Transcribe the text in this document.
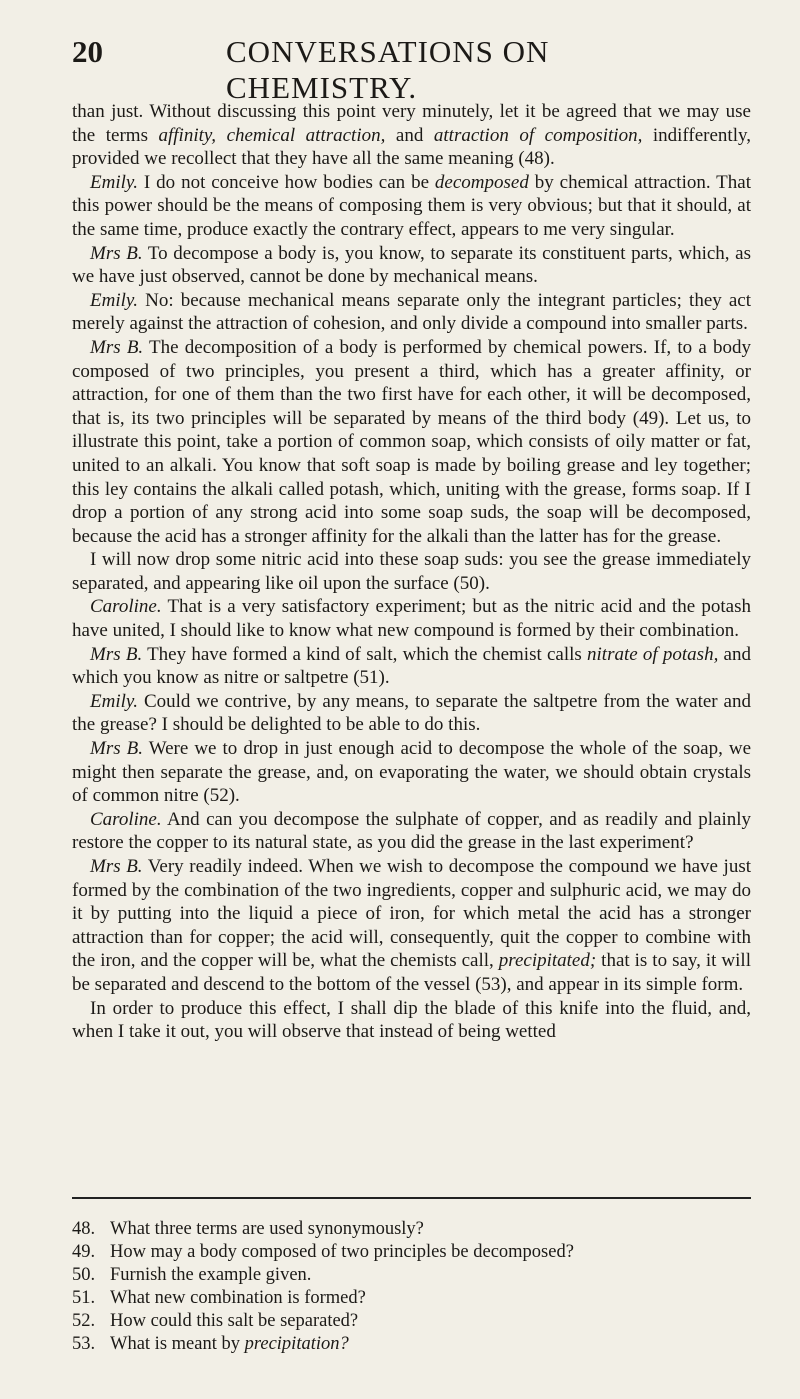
20	CONVERSATIONS ON CHEMISTRY.

than just. Without discussing this point very minutely, let it be agreed that we may use the terms affinity, chemical attraction, and attraction of composition, indifferently, provided we recollect that they have all the same meaning (48).

Emily. I do not conceive how bodies can be decomposed by chemical attraction. That this power should be the means of composing them is very obvious; but that it should, at the same time, produce exactly the contrary effect, appears to me very singular.

Mrs B. To decompose a body is, you know, to separate its constituent parts, which, as we have just observed, cannot be done by mechanical means.

Emily. No: because mechanical means separate only the integrant particles; they act merely against the attraction of cohesion, and only divide a compound into smaller parts.

Mrs B. The decomposition of a body is performed by chemical powers. If, to a body composed of two principles, you present a third, which has a greater affinity, or attraction, for one of them than the two first have for each other, it will be decomposed, that is, its two principles will be separated by means of the third body (49). Let us, to illustrate this point, take a portion of common soap, which consists of oily matter or fat, united to an alkali. You know that soft soap is made by boiling grease and ley together; this ley contains the alkali called potash, which, uniting with the grease, forms soap. If I drop a portion of any strong acid into some soap suds, the soap will be decomposed, because the acid has a stronger affinity for the alkali than the latter has for the grease.

I will now drop some nitric acid into these soap suds: you see the grease immediately separated, and appearing like oil upon the surface (50).

Caroline. That is a very satisfactory experiment; but as the nitric acid and the potash have united, I should like to know what new compound is formed by their combination.

Mrs B. They have formed a kind of salt, which the chemist calls nitrate of potash, and which you know as nitre or saltpetre (51).

Emily. Could we contrive, by any means, to separate the saltpetre from the water and the grease? I should be delighted to be able to do this.

Mrs B. Were we to drop in just enough acid to decompose the whole of the soap, we might then separate the grease, and, on evaporating the water, we should obtain crystals of common nitre (52).

Caroline. And can you decompose the sulphate of copper, and as readily and plainly restore the copper to its natural state, as you did the grease in the last experiment?

Mrs B. Very readily indeed. When we wish to decompose the compound we have just formed by the combination of the two ingredients, copper and sulphuric acid, we may do it by putting into the liquid a piece of iron, for which metal the acid has a stronger attraction than for copper; the acid will, consequently, quit the copper to combine with the iron, and the copper will be, what the chemists call, precipitated; that is to say, it will be separated and descend to the bottom of the vessel (53), and appear in its simple form.

In order to produce this effect, I shall dip the blade of this knife into the fluid, and, when I take it out, you will observe that instead of being wetted

48. What three terms are used synonymously?
49. How may a body composed of two principles be decomposed?
50. Furnish the example given.
51. What new combination is formed?
52. How could this salt be separated?
53. What is meant by precipitation?
